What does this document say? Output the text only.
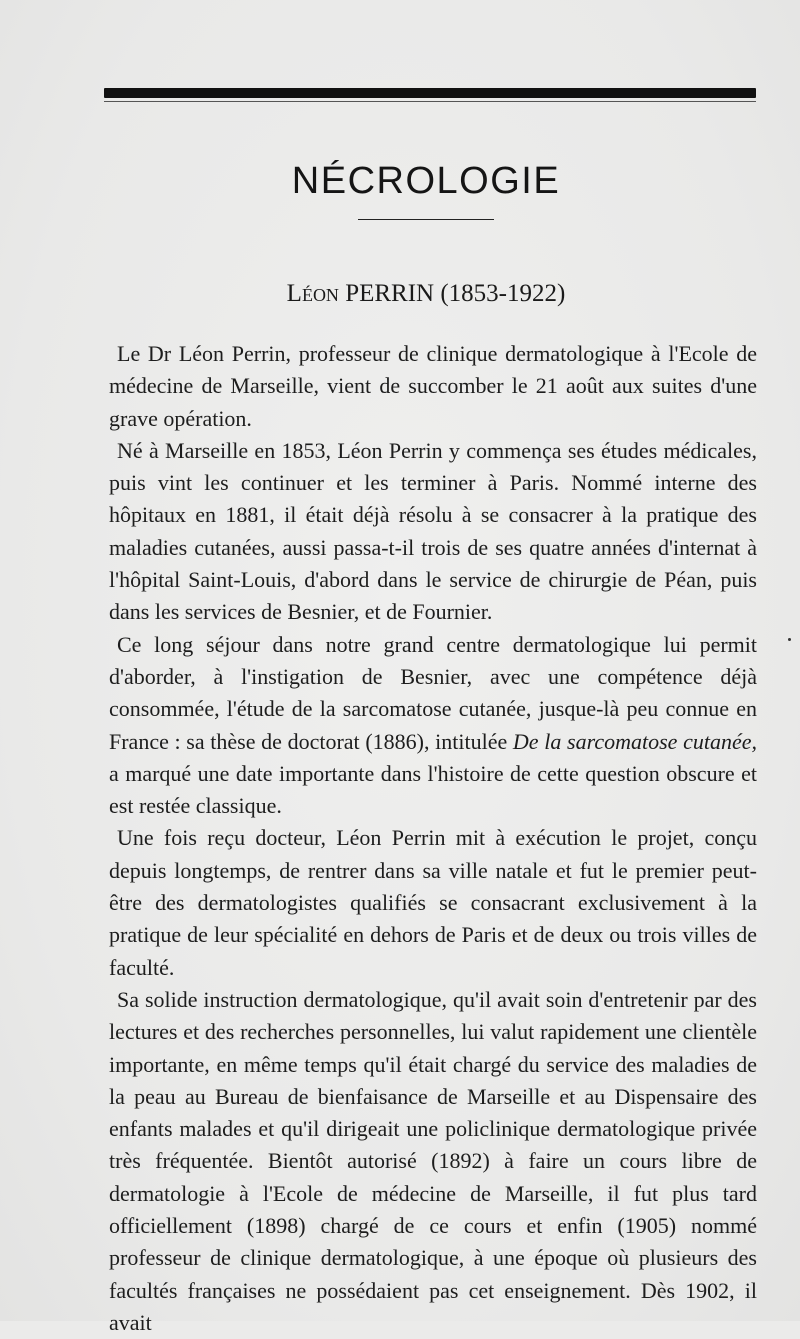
NÉCROLOGIE
Léon PERRIN (1853-1922)

Le Dr Léon Perrin, professeur de clinique dermatologique à l'Ecole de médecine de Marseille, vient de succomber le 21 août aux suites d'une grave opération.

Né à Marseille en 1853, Léon Perrin y commença ses études médicales, puis vint les continuer et les terminer à Paris. Nommé interne des hôpitaux en 1881, il était déjà résolu à se consacrer à la pratique des maladies cutanées, aussi passa-t-il trois de ses quatre années d'internat à l'hôpital Saint-Louis, d'abord dans le service de chirurgie de Péan, puis dans les services de Besnier, et de Fournier.

Ce long séjour dans notre grand centre dermatologique lui permit d'aborder, à l'instigation de Besnier, avec une compétence déjà consommée, l'étude de la sarcomatose cutanée, jusque-là peu connue en France : sa thèse de doctorat (1886), intitulée De la sarcomatose cutanée, a marqué une date importante dans l'histoire de cette question obscure et est restée classique.

Une fois reçu docteur, Léon Perrin mit à exécution le projet, conçu depuis longtemps, de rentrer dans sa ville natale et fut le premier peut-être des dermatologistes qualifiés se consacrant exclusivement à la pratique de leur spécialité en dehors de Paris et de deux ou trois villes de faculté.

Sa solide instruction dermatologique, qu'il avait soin d'entretenir par des lectures et des recherches personnelles, lui valut rapidement une clientèle importante, en même temps qu'il était chargé du service des maladies de la peau au Bureau de bienfaisance de Marseille et au Dispensaire des enfants malades et qu'il dirigeait une policlinique dermatologique privée très fréquentée. Bientôt autorisé (1892) à faire un cours libre de dermatologie à l'Ecole de médecine de Marseille, il fut plus tard officiellement (1898) chargé de ce cours et enfin (1905) nommé professeur de clinique dermatologique, à une époque où plusieurs des facultés françaises ne possédaient pas cet enseignement. Dès 1902, il avait
